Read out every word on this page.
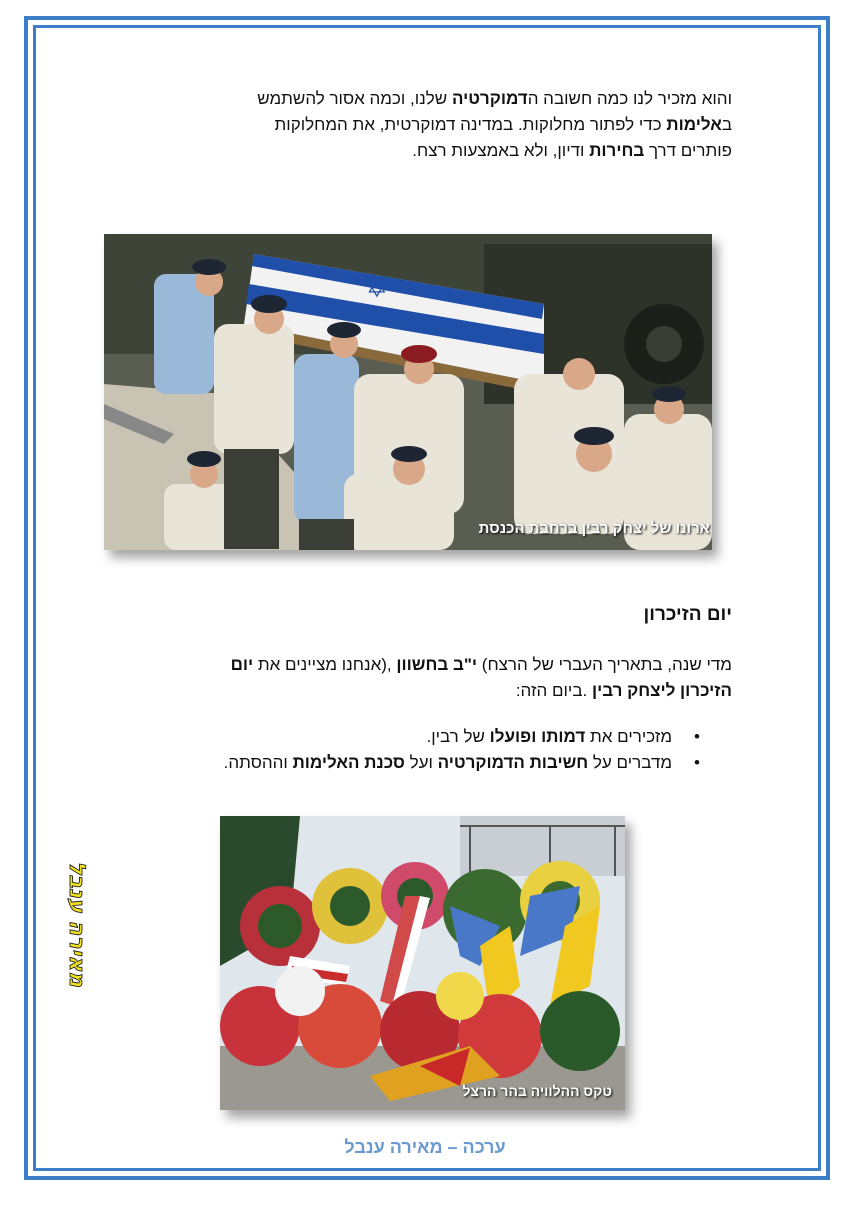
והוא מזכיר לנו כמה חשובה הדמוקרטיה שלנו, וכמה אסור להשתמש
באלימות כדי לפתור מחלוקות. במדינה דמוקרטית, את המחלוקות
פותרים דרך בחירות ודיון, ולא באמצעות רצח.
✡
ארונו של יצחק רבין ברחבת הכנסת
יום הזיכרון
מדי שנה, בתאריך העברי של הרצח) י"ב בחשוון ,(אנחנו מציינים את יום
הזיכרון ליצחק רבין .ביום הזה:
• מזכירים את דמותו ופועלו של רבין.
• מדברים על חשיבות הדמוקרטיה ועל סכנת האלימות וההסתה.
טקס ההלוויה בהר הרצל
ערכה – מאירה ענבל
מאירה ענבל
